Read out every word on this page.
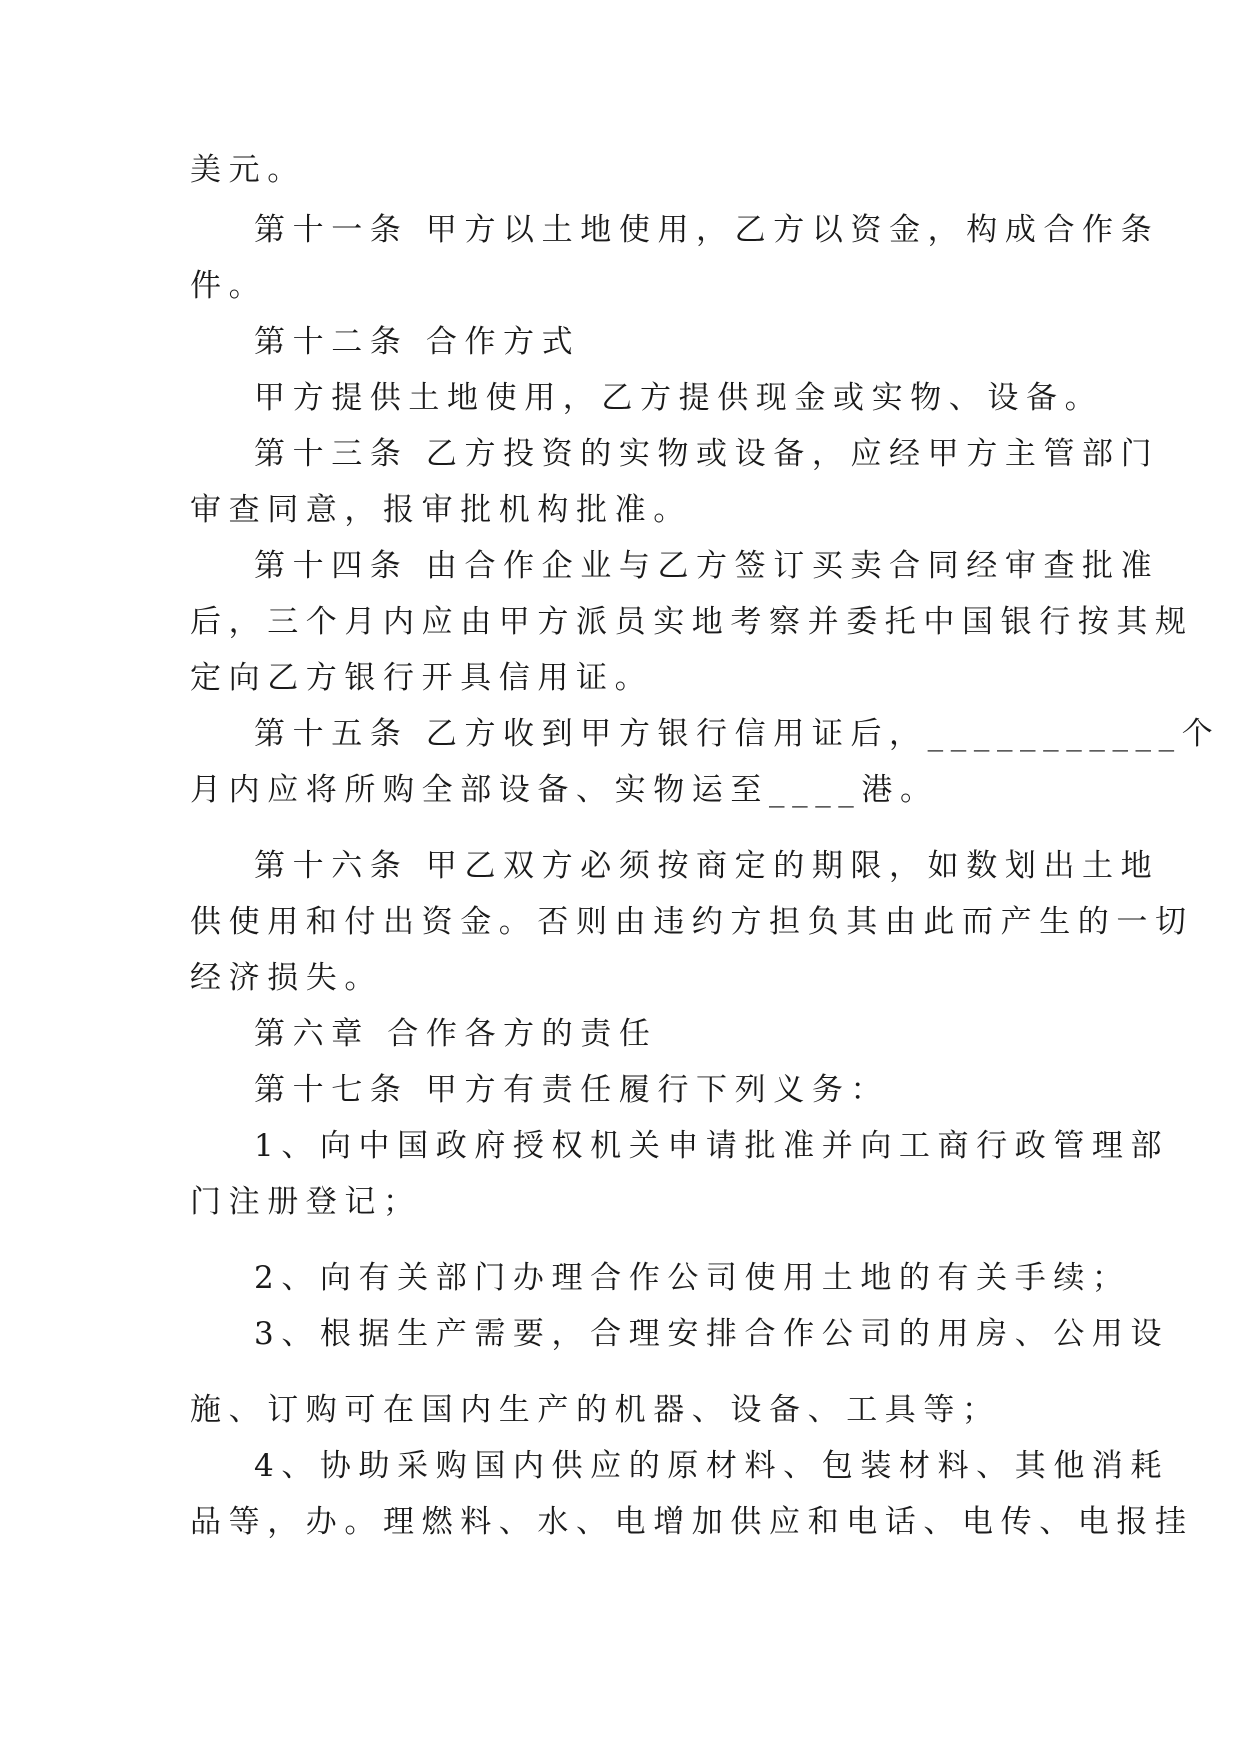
美元。
第十一条 甲方以土地使用，乙方以资金，构成合作条
件。
第十二条 合作方式
甲方提供土地使用，乙方提供现金或实物、设备。
第十三条 乙方投资的实物或设备，应经甲方主管部门
审查同意，报审批机构批准。
第十四条 由合作企业与乙方签订买卖合同经审查批准
后，三个月内应由甲方派员实地考察并委托中国银行按其规
定向乙方银行开具信用证。
第十五条 乙方收到甲方银行信用证后，___________个
月内应将所购全部设备、实物运至____港。
第十六条 甲乙双方必须按商定的期限，如数划出土地
供使用和付出资金。否则由违约方担负其由此而产生的一切
经济损失。
第六章 合作各方的责任
第十七条 甲方有责任履行下列义务：
1、向中国政府授权机关申请批准并向工商行政管理部
门注册登记；
2、向有关部门办理合作公司使用土地的有关手续；
3、根据生产需要，合理安排合作公司的用房、公用设
施、订购可在国内生产的机器、设备、工具等；
4、协助采购国内供应的原材料、包装材料、其他消耗
品等，办。理燃料、水、电增加供应和电话、电传、电报挂
